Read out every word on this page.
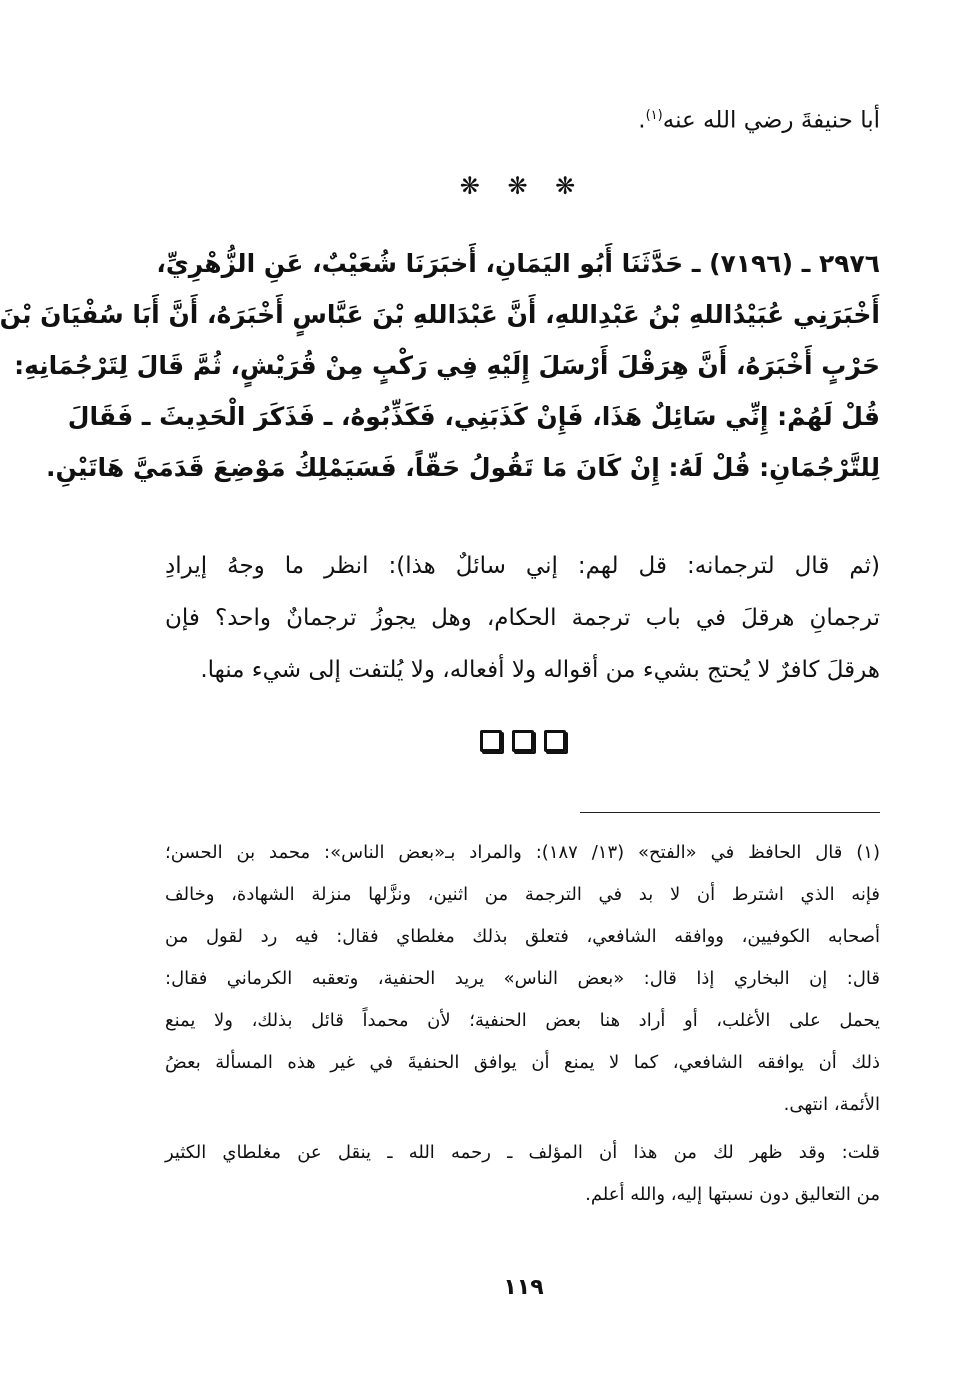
أبا حنيفةَ رضي الله عنه$^{(١)}$.

❋ ❋ ❋

٢٩٧٦ ـ (٧١٩٦) ـ حَدَّثَنَا أَبُو اليَمَانِ، أَخبَرَنَا شُعَيْبٌ، عَنِ الزُّهْرِيِّ،

أَخْبَرَنِي عُبَيْدُاللهِ بْنُ عَبْدِاللهِ، أَنَّ عَبْدَاللهِ بْنَ عَبَّاسٍ أَخْبَرَهُ، أَنَّ أَبَا سُفْيَانَ بْنَ

حَرْبٍ أَخْبَرَهُ، أَنَّ هِرَقْلَ أَرْسَلَ إِلَيْهِ فِي رَكْبٍ مِنْ قُرَيْشٍ، ثُمَّ قَالَ لِتَرْجُمَانِهِ:

قُلْ لَهُمْ: إِنِّي سَائِلٌ هَذَا، فَإِنْ كَذَبَنِي، فَكَذِّبُوهُ، ـ فَذَكَرَ الْحَدِيثَ ـ فَقَالَ

لِلتَّرْجُمَانِ: قُلْ لَهُ: إِنْ كَانَ مَا تَقُولُ حَقّاً، فَسَيَمْلِكُ مَوْضِعَ قَدَمَيَّ هَاتَيْنِ.

(ثم قال لترجمانه: قل لهم: إني سائلٌ هذا): انظر ما وجهُ إيرادِ

ترجمانِ هرقلَ في باب ترجمة الحكام، وهل يجوزُ ترجمانٌ واحد؟ فإن

هرقلَ كافرٌ لا يُحتج بشيء من أقواله ولا أفعاله، ولا يُلتفت إلى شيء منها.

(١) قال الحافظ في «الفتح» (١٣/ ١٨٧): والمراد بـ«بعض الناس»: محمد بن الحسن؛

فإنه الذي اشترط أن لا بد في الترجمة من اثنين، ونزَّلها منزلة الشهادة، وخالف

أصحابه الكوفيين، ووافقه الشافعي، فتعلق بذلك مغلطاي فقال: فيه رد لقول من

قال: إن البخاري إذا قال: «بعض الناس» يريد الحنفية، وتعقبه الكرماني فقال:

يحمل على الأغلب، أو أراد هنا بعض الحنفية؛ لأن محمداً قائل بذلك، ولا يمنع

ذلك أن يوافقه الشافعي، كما لا يمنع أن يوافق الحنفيةَ في غير هذه المسألة بعضُ

الأئمة، انتهى.

قلت: وقد ظهر لك من هذا أن المؤلف ـ رحمه الله ـ ينقل عن مغلطاي الكثير

من التعاليق دون نسبتها إليه، والله أعلم.

١١٩
